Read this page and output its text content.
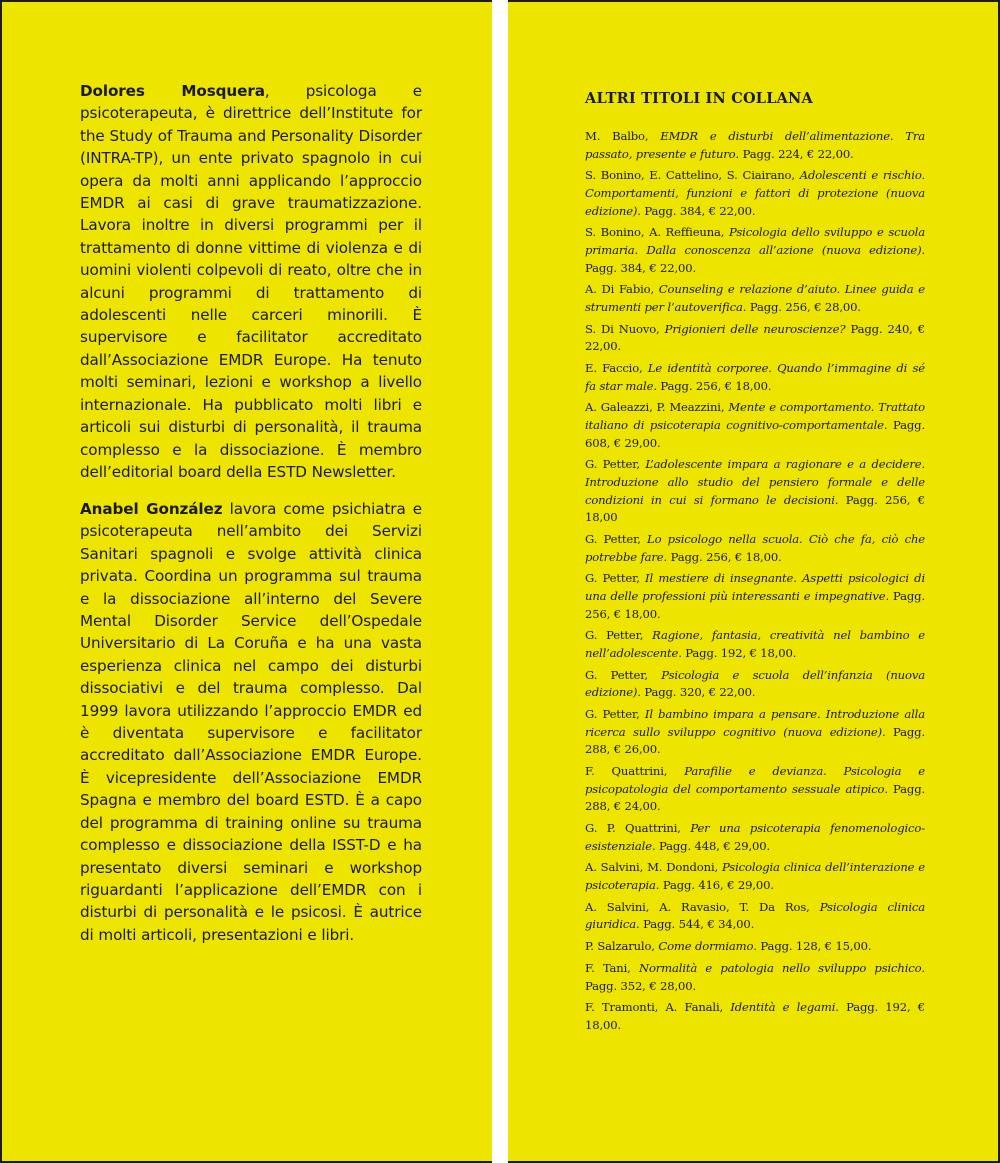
Dolores Mosquera, psicologa e psicoterapeuta, è direttrice dell’Institute for the Study of Trauma and Personality Disorder (INTRA-TP), un ente privato spagnolo in cui opera da molti anni applicando l’approccio EMDR ai casi di grave traumatizzazione. Lavora inoltre in diversi programmi per il trattamento di donne vittime di violenza e di uomini violenti colpevoli di reato, oltre che in alcuni programmi di trattamento di adolescenti nelle carceri minorili. È supervisore e facilitator accreditato dall’Associazione EMDR Europe. Ha tenuto molti seminari, lezioni e workshop a livello internazionale. Ha pubblicato molti libri e articoli sui disturbi di personalità, il trauma complesso e la dissociazione. È membro dell’editorial board della ESTD Newsletter.

Anabel González lavora come psichiatra e psicoterapeuta nell’ambito dei Servizi Sanitari spagnoli e svolge attività clinica privata. Coordina un programma sul trauma e la dissociazione all’interno del Severe Mental Disorder Service dell’Ospedale Universitario di La Coruña e ha una vasta esperienza clinica nel campo dei disturbi dissociativi e del trauma complesso. Dal 1999 lavora utilizzando l’approccio EMDR ed è diventata supervisore e facilitator accreditato dall’Associazione EMDR Europe. È vicepresidente dell’Associazione EMDR Spagna e membro del board ESTD. È a capo del programma di training online su trauma complesso e dissociazione della ISST-D e ha presentato diversi seminari e workshop riguardanti l’applicazione dell’EMDR con i disturbi di personalità e le psicosi. È autrice di molti articoli, presentazioni e libri.

ALTRI TITOLI IN COLLANA
M. Balbo, EMDR e disturbi dell’alimentazione. Tra passato, presente e futuro. Pagg. 224, € 22,00.
S. Bonino, E. Cattelino, S. Ciairano, Adolescenti e rischio. Comportamenti, funzioni e fattori di protezione (nuova edizione). Pagg. 384, € 22,00.
S. Bonino, A. Reffieuna, Psicologia dello sviluppo e scuola primaria. Dalla conoscenza all’azione (nuova edizione). Pagg. 384, € 22,00.
A. Di Fabio, Counseling e relazione d’aiuto. Linee guida e strumenti per l’autoverifica. Pagg. 256, € 28,00.
S. Di Nuovo, Prigionieri delle neuroscienze? Pagg. 240, € 22,00.
E. Faccio, Le identità corporee. Quando l’immagine di sé fa star male. Pagg. 256, € 18,00.
A. Galeazzi, P. Meazzini, Mente e comportamento. Trattato italiano di psicoterapia cognitivo-comportamentale. Pagg. 608, € 29,00.
G. Petter, L’adolescente impara a ragionare e a decidere. Introduzione allo studio del pensiero formale e delle condizioni in cui si formano le decisioni. Pagg. 256, € 18,00
G. Petter, Lo psicologo nella scuola. Ciò che fa, ciò che potrebbe fare. Pagg. 256, € 18,00.
G. Petter, Il mestiere di insegnante. Aspetti psicologici di una delle professioni più interessanti e impegnative. Pagg. 256, € 18,00.
G. Petter, Ragione, fantasia, creatività nel bambino e nell’adolescente. Pagg. 192, € 18,00.
G. Petter, Psicologia e scuola dell’infanzia (nuova edizione). Pagg. 320, € 22,00.
G. Petter, Il bambino impara a pensare. Introduzione alla ricerca sullo sviluppo cognitivo (nuova edizione). Pagg. 288, € 26,00.
F. Quattrini, Parafilie e devianza. Psicologia e psicopatologia del comportamento sessuale atipico. Pagg. 288, € 24,00.
G. P. Quattrini, Per una psicoterapia fenomenologico-esistenziale. Pagg. 448, € 29,00.
A. Salvini, M. Dondoni, Psicologia clinica dell’interazione e psicoterapia. Pagg. 416, € 29,00.
A. Salvini, A. Ravasio, T. Da Ros, Psicologia clinica giuridica. Pagg. 544, € 34,00.
P. Salzarulo, Come dormiamo. Pagg. 128, € 15,00.
F. Tani, Normalità e patologia nello sviluppo psichico. Pagg. 352, € 28,00.
F. Tramonti, A. Fanali, Identità e legami. Pagg. 192, € 18,00.
